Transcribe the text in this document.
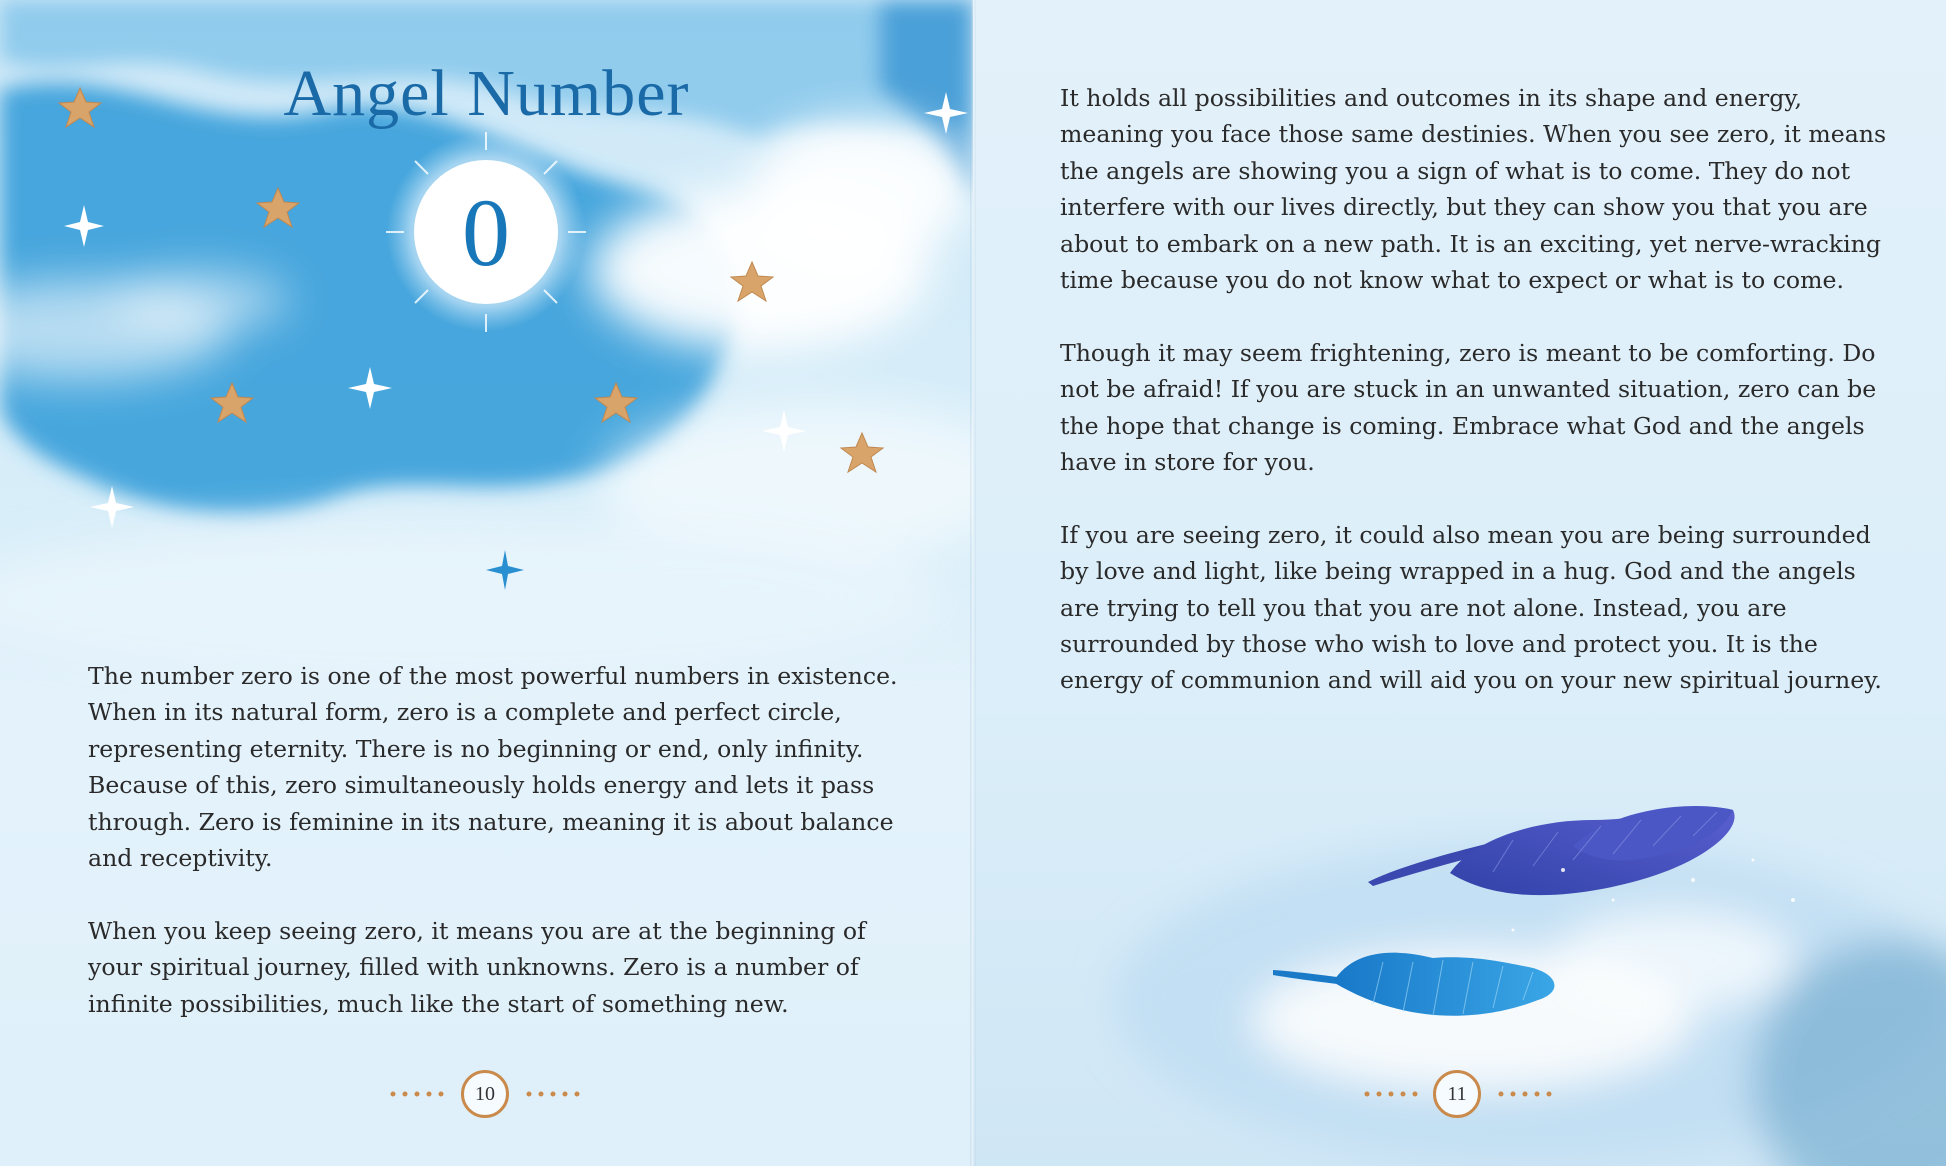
Angel Number
0

The number zero is one of the most powerful numbers in existence. When in its natural form, zero is a complete and perfect circle, representing eternity. There is no beginning or end, only infinity. Because of this, zero simultaneously holds energy and lets it pass through. Zero is feminine in its nature, meaning it is about balance and receptivity.

When you keep seeing zero, it means you are at the beginning of your spiritual journey, filled with unknowns. Zero is a number of infinite possibilities, much like the start of something new.

10

It holds all possibilities and outcomes in its shape and energy, meaning you face those same destinies. When you see zero, it means the angels are showing you a sign of what is to come. They do not interfere with our lives directly, but they can show you that you are about to embark on a new path. It is an exciting, yet nerve-wracking time because you do not know what to expect or what is to come.

Though it may seem frightening, zero is meant to be comforting. Do not be afraid! If you are stuck in an unwanted situation, zero can be the hope that change is coming. Embrace what God and the angels have in store for you.

If you are seeing zero, it could also mean you are being surrounded by love and light, like being wrapped in a hug. God and the angels are trying to tell you that you are not alone. Instead, you are surrounded by those who wish to love and protect you. It is the energy of communion and will aid you on your new spiritual journey.

11
